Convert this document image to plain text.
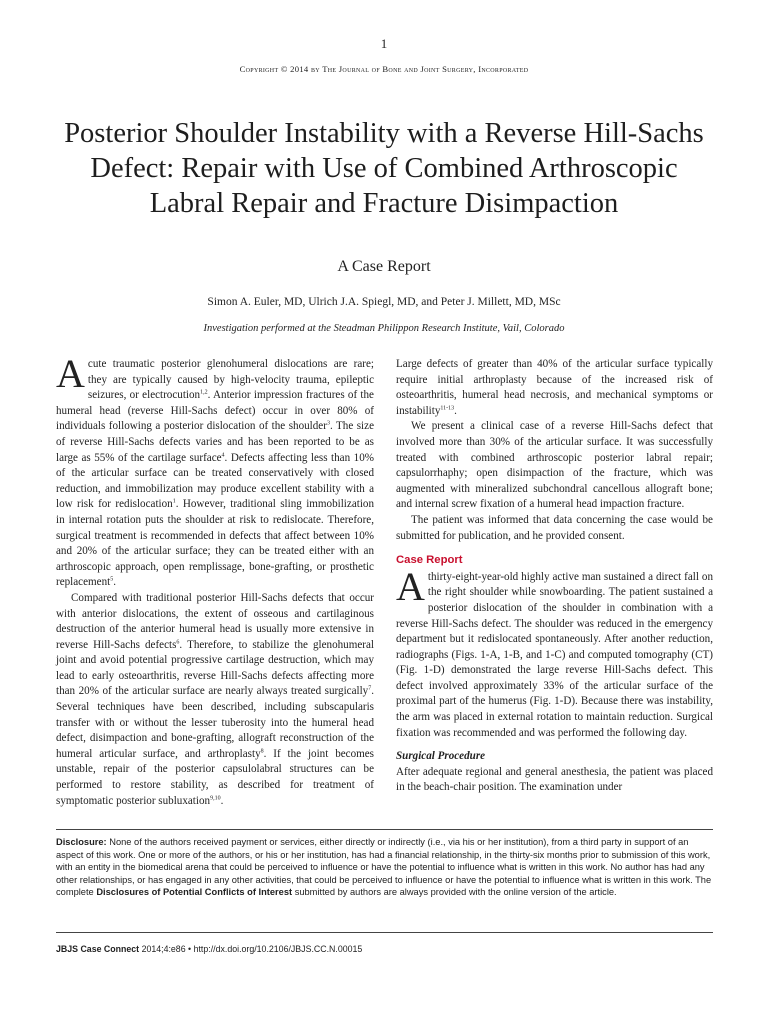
1
Copyright © 2014 by The Journal of Bone and Joint Surgery, Incorporated
Posterior Shoulder Instability with a Reverse Hill-Sachs Defect: Repair with Use of Combined Arthroscopic Labral Repair and Fracture Disimpaction
A Case Report
Simon A. Euler, MD, Ulrich J.A. Spiegl, MD, and Peter J. Millett, MD, MSc
Investigation performed at the Steadman Philippon Research Institute, Vail, Colorado

Acute traumatic posterior glenohumeral dislocations are rare; they are typically caused by high-velocity trauma, epileptic seizures, or electrocution$^{1,2}$. Anterior impression fractures of the humeral head (reverse Hill-Sachs defect) occur in over 80% of individuals following a posterior dislocation of the shoulder$^3$. The size of reverse Hill-Sachs defects varies and has been reported to be as large as 55% of the cartilage surface$^4$. Defects affecting less than 10% of the articular surface can be treated conservatively with closed reduction, and immobilization may produce excellent stability with a low risk for redislocation$^1$. However, traditional sling immobilization in internal rotation puts the shoulder at risk to redislocate. Therefore, surgical treatment is recommended in defects that affect between 10% and 20% of the articular surface; they can be treated either with an arthroscopic approach, open remplissage, bone-grafting, or prosthetic replacement$^5$.

Compared with traditional posterior Hill-Sachs defects that occur with anterior dislocations, the extent of osseous and cartilaginous destruction of the anterior humeral head is usually more extensive in reverse Hill-Sachs defects$^6$. Therefore, to stabilize the glenohumeral joint and avoid potential progressive cartilage destruction, which may lead to early osteoarthritis, reverse Hill-Sachs defects affecting more than 20% of the articular surface are nearly always treated surgically$^7$. Several techniques have been described, including subscapularis transfer with or without the lesser tuberosity into the humeral head defect, disimpaction and bone-grafting, allograft reconstruction of the humeral articular surface, and arthroplasty$^8$. If the joint becomes unstable, repair of the posterior capsulolabral structures can be performed to restore stability, as described for treatment of symptomatic posterior subluxation$^{9,10}$.

Large defects of greater than 40% of the articular surface typically require initial arthroplasty because of the increased risk of osteoarthritis, humeral head necrosis, and mechanical symptoms or instability$^{11-13}$.

We present a clinical case of a reverse Hill-Sachs defect that involved more than 30% of the articular surface. It was successfully treated with combined arthroscopic posterior labral repair; capsulorrhaphy; open disimpaction of the fracture, which was augmented with mineralized subchondral cancellous allograft bone; and internal screw fixation of a humeral head impaction fracture.

The patient was informed that data concerning the case would be submitted for publication, and he provided consent.

Case Report

A thirty-eight-year-old highly active man sustained a direct fall on the right shoulder while snowboarding. The patient sustained a posterior dislocation of the shoulder in combination with a reverse Hill-Sachs defect. The shoulder was reduced in the emergency department but it redislocated spontaneously. After another reduction, radiographs (Figs. 1-A, 1-B, and 1-C) and computed tomography (CT) (Fig. 1-D) demonstrated the large reverse Hill-Sachs defect. This defect involved approximately 33% of the articular surface of the proximal part of the humerus (Fig. 1-D). Because there was instability, the arm was placed in external rotation to maintain reduction. Surgical fixation was recommended and was performed the following day.

Surgical Procedure

After adequate regional and general anesthesia, the patient was placed in the beach-chair position. The examination under

Disclosure: None of the authors received payment or services, either directly or indirectly (i.e., via his or her institution), from a third party in support of an aspect of this work. One or more of the authors, or his or her institution, has had a financial relationship, in the thirty-six months prior to submission of this work, with an entity in the biomedical arena that could be perceived to influence or have the potential to influence what is written in this work. No author has had any other relationships, or has engaged in any other activities, that could be perceived to influence or have the potential to influence what is written in this work. The complete Disclosures of Potential Conflicts of Interest submitted by authors are always provided with the online version of the article.
JBJS Case Connect 2014;4:e86 • http://dx.doi.org/10.2106/JBJS.CC.N.00015
